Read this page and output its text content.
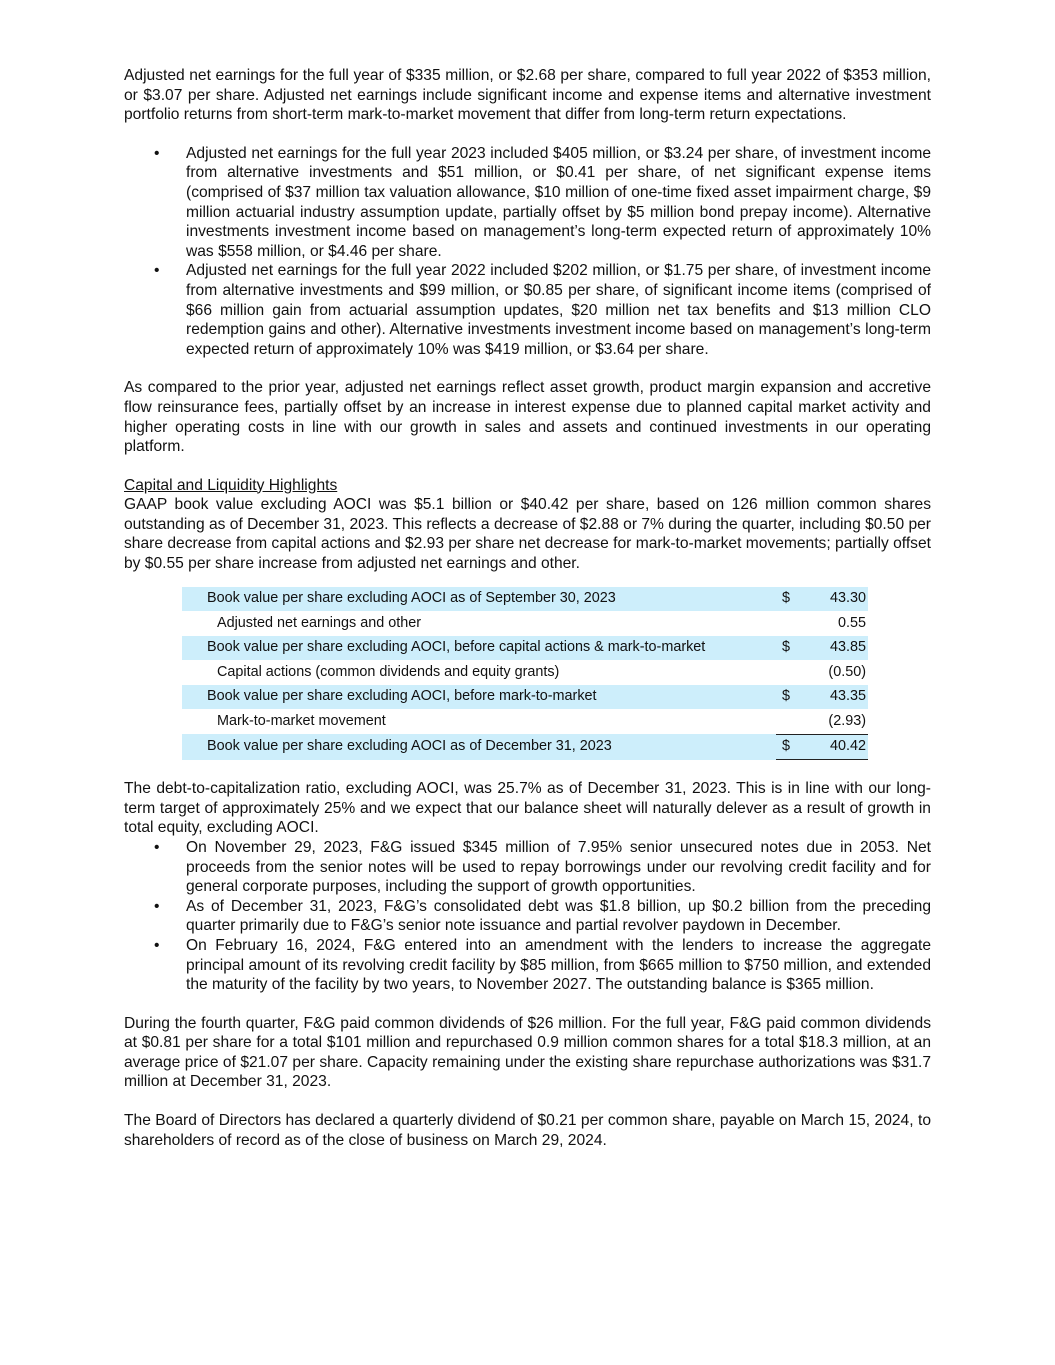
Adjusted net earnings for the full year of $335 million, or $2.68 per share, compared to full year 2022 of $353 million, or $3.07 per share. Adjusted net earnings include significant income and expense items and alternative investment portfolio returns from short-term mark-to-market movement that differ from long-term return expectations.

• Adjusted net earnings for the full year 2023 included $405 million, or $3.24 per share, of investment income from alternative investments and $51 million, or $0.41 per share, of net significant expense items (comprised of $37 million tax valuation allowance, $10 million of one-time fixed asset impairment charge, $9 million actuarial industry assumption update, partially offset by $5 million bond prepay income). Alternative investments investment income based on management’s long-term expected return of approximately 10% was $558 million, or $4.46 per share.
• Adjusted net earnings for the full year 2022 included $202 million, or $1.75 per share, of investment income from alternative investments and $99 million, or $0.85 per share, of significant income items (comprised of $66 million gain from actuarial assumption updates, $20 million net tax benefits and $13 million CLO redemption gains and other). Alternative investments investment income based on management’s long-term expected return of approximately 10% was $419 million, or $3.64 per share.

As compared to the prior year, adjusted net earnings reflect asset growth, product margin expansion and accretive flow reinsurance fees, partially offset by an increase in interest expense due to planned capital market activity and higher operating costs in line with our growth in sales and assets and continued investments in our operating platform.

Capital and Liquidity Highlights

GAAP book value excluding AOCI was $5.1 billion or $40.42 per share, based on 126 million common shares outstanding as of December 31, 2023. This reflects a decrease of $2.88 or 7% during the quarter, including $0.50 per share decrease from capital actions and $2.93 per share net decrease for mark-to-market movements; partially offset by $0.55 per share increase from adjusted net earnings and other.

Book value per share excluding AOCI as of September 30, 2023	$	43.30
Adjusted net earnings and other		0.55
Book value per share excluding AOCI, before capital actions & mark-to-market	$	43.85
Capital actions (common dividends and equity grants)		(0.50)
Book value per share excluding AOCI, before mark-to-market	$	43.35
Mark-to-market movement		(2.93)
Book value per share excluding AOCI as of December 31, 2023	$	40.42

The debt-to-capitalization ratio, excluding AOCI, was 25.7% as of December 31, 2023. This is in line with our long-term target of approximately 25% and we expect that our balance sheet will naturally delever as a result of growth in total equity, excluding AOCI.

• On November 29, 2023, F&G issued $345 million of 7.95% senior unsecured notes due in 2053. Net proceeds from the senior notes will be used to repay borrowings under our revolving credit facility and for general corporate purposes, including the support of growth opportunities.
• As of December 31, 2023, F&G’s consolidated debt was $1.8 billion, up $0.2 billion from the preceding quarter primarily due to F&G’s senior note issuance and partial revolver paydown in December.
• On February 16, 2024, F&G entered into an amendment with the lenders to increase the aggregate principal amount of its revolving credit facility by $85 million, from $665 million to $750 million, and extended the maturity of the facility by two years, to November 2027. The outstanding balance is $365 million.

During the fourth quarter, F&G paid common dividends of $26 million. For the full year, F&G paid common dividends at $0.81 per share for a total $101 million and repurchased 0.9 million common shares for a total $18.3 million, at an average price of $21.07 per share. Capacity remaining under the existing share repurchase authorizations was $31.7 million at December 31, 2023.

The Board of Directors has declared a quarterly dividend of $0.21 per common share, payable on March 15, 2024, to shareholders of record as of the close of business on March 29, 2024.
